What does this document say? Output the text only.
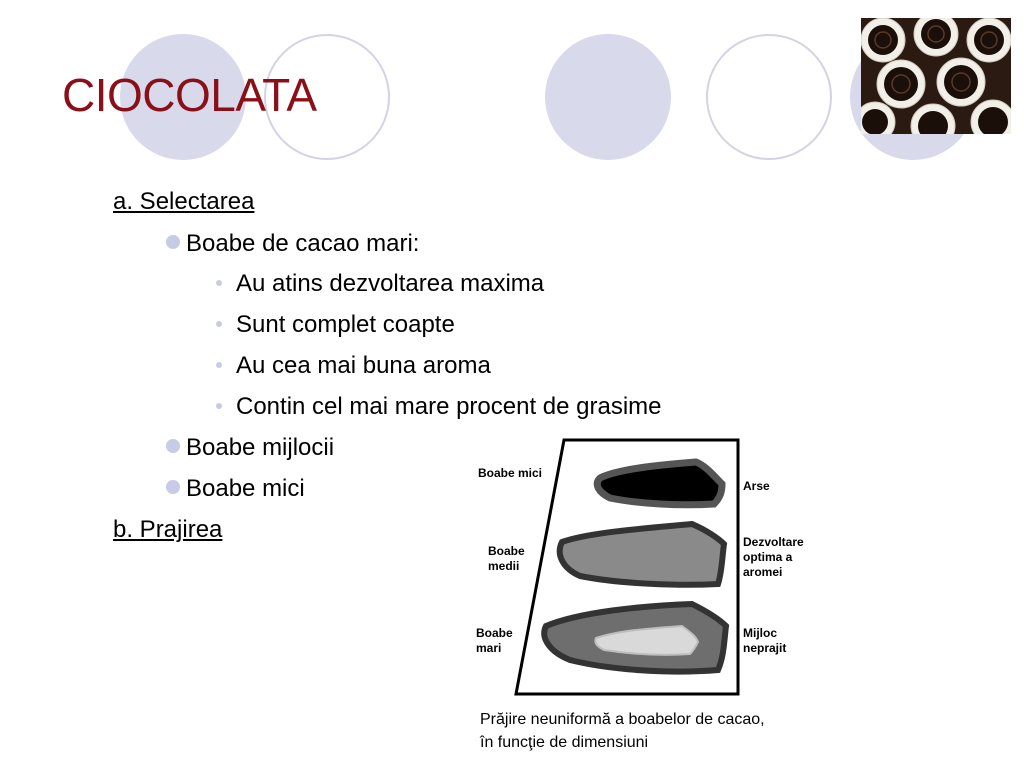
CIOCOLATA
a. Selectarea
Boabe de cacao mari:
Au atins dezvoltarea maxima
Sunt complet coapte
Au cea mai buna aroma
Contin cel mai mare procent de grasime
Boabe mijlocii
Boabe mici
b. Prajirea
Boabe mici
Boabe
medii
Boabe
mari
Arse
Dezvoltare
optima a
aromei
Mijloc
neprajit
Prăjire neuniformă a boabelor de cacao,
în funcţie de dimensiuni
